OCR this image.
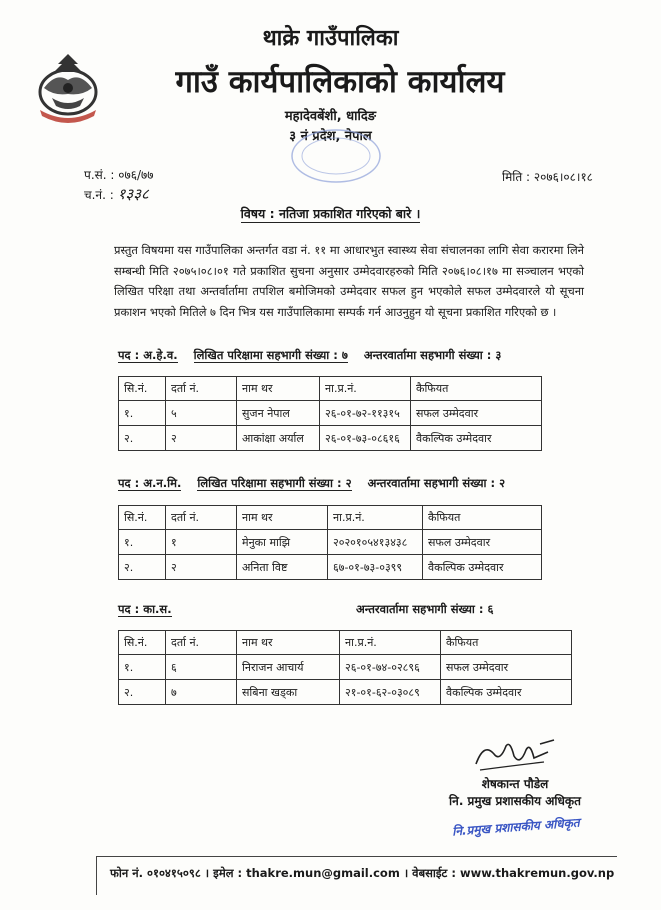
थाक्रे गाउँपालिका
गाउँ कार्यपालिकाको कार्यालय
महादेवबेंशी, धादिङ
३ नं प्रदेश, नेपाल
प.सं. : ०७६/७७
च.नं. : १३३८
मिति : २०७६।०८।१८
विषय : नतिजा प्रकाशित गरिएको बारे ।
प्रस्तुत विषयमा यस गाउँपालिका अन्तर्गत वडा नं. ११ मा आधारभुत स्वास्थ्य सेवा संचालनका लागि सेवा करारमा लिने सम्बन्धी मिति २०७५।०८।०१ गते प्रकाशित सुचना अनुसार उम्मेदवारहरुको मिति २०७६।०८।१७ मा सञ्चालन भएको लिखित परिक्षा तथा अन्तर्वार्तामा तपशिल बमोजिमको उम्मेदवार सफल हुन भएकोले सफल उम्मेदवारले यो सूचना प्रकाशन भएको मितिले ७ दिन भित्र यस गाउँपालिकामा सम्पर्क गर्न आउनुहुन यो सूचना प्रकाशित गरिएको छ ।
पद : अ.हे.व. लिखित परिक्षामा सहभागी संख्या : ७ अन्तरवार्तामा सहभागी संख्या : ३
सि.नं.	दर्ता नं.	नाम थर	ना.प्र.नं.	कैफियत
१.	५	सुजन नेपाल	२६-०१-७२-११३१५	सफल उम्मेदवार
२.	२	आकांक्षा अर्याल	२६-०१-७३-०८६१६	वैकल्पिक उम्मेदवार
पद : अ.न.मि. लिखित परिक्षामा सहभागी संख्या : २ अन्तरवार्तामा सहभागी संख्या : २
सि.नं.	दर्ता नं.	नाम थर	ना.प्र.नं.	कैफियत
१.	१	मेनुका माझि	२०२०१०५४१३४३८	सफल उम्मेदवार
२.	२	अनिता विष्ट	६७-०१-७३-०३९९	वैकल्पिक उम्मेदवार
पद : का.स.	अन्तरवार्तामा सहभागी संख्या : ६
सि.नं.	दर्ता नं.	नाम थर	ना.प्र.नं.	कैफियत
१.	६	निराजन आचार्य	२६-०१-७४-०२८९६	सफल उम्मेदवार
२.	७	सबिना खड्का	२१-०१-६२-०३०८९	वैकल्पिक उम्मेदवार
शेषकान्त पौडेल
नि. प्रमुख प्रशासकीय अधिकृत
नि.प्रमुख प्रशासकीय अधिकृत
फोन नं. ०१०४१५०९८ । इमेल : thakre.mun@gmail.com । वेबसाईट : www.thakremun.gov.np
